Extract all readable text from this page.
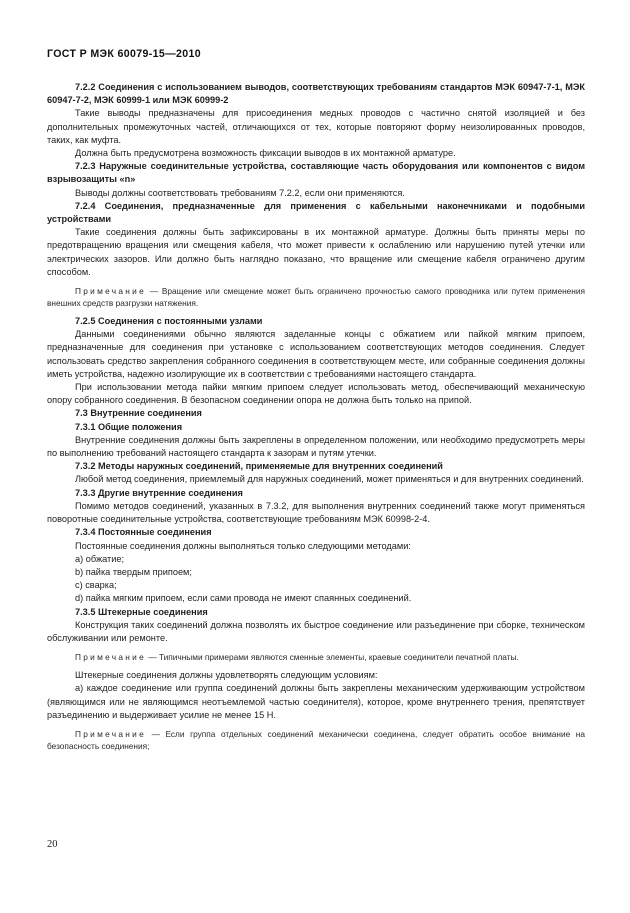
ГОСТ Р МЭК 60079-15—2010

7.2.2 Соединения с использованием выводов, соответствующих требованиям стандартов МЭК 60947-7-1, МЭК 60947-7-2, МЭК 60999-1 или МЭК 60999-2

Такие выводы предназначены для присоединения медных проводов с частично снятой изоляцией и без дополнительных промежуточных частей, отличающихся от тех, которые повторяют форму неизолированных проводов, таких, как муфта.

Должна быть предусмотрена возможность фиксации выводов в их монтажной арматуре.

7.2.3 Наружные соединительные устройства, составляющие часть оборудования или компонентов с видом взрывозащиты «n»

Выводы должны соответствовать требованиям 7.2.2, если они применяются.

7.2.4 Соединения, предназначенные для применения с кабельными наконечниками и подобными устройствами

Такие соединения должны быть зафиксированы в их монтажной арматуре. Должны быть приняты меры по предотвращению вращения или смещения кабеля, что может привести к ослаблению или нарушению путей утечки или электрических зазоров. Или должно быть наглядно показано, что вращение или смещение кабеля ограничено другим способом.

Примечание — Вращение или смещение может быть ограничено прочностью самого проводника или путем применения внешних средств разгрузки натяжения.

7.2.5 Соединения с постоянными узлами

Данными соединениями обычно являются заделанные концы с обжатием или пайкой мягким припоем, предназначенные для соединения при установке с использованием соответствующих методов соединения. Следует использовать средство закрепления собранного соединения в соответствующем месте, или собранные соединения должны иметь устройства, надежно изолирующие их в соответствии с требованиями настоящего стандарта.

При использовании метода пайки мягким припоем следует использовать метод, обеспечивающий механическую опору собранного соединения. В безопасном соединении опора не должна быть только на припой.

7.3 Внутренние соединения

7.3.1 Общие положения

Внутренние соединения должны быть закреплены в определенном положении, или необходимо предусмотреть меры по выполнению требований настоящего стандарта к зазорам и путям утечки.

7.3.2 Методы наружных соединений, применяемые для внутренних соединений

Любой метод соединения, приемлемый для наружных соединений, может применяться и для внутренних соединений.

7.3.3 Другие внутренние соединения

Помимо методов соединений, указанных в 7.3.2, для выполнения внутренних соединений также могут применяться поворотные соединительные устройства, соответствующие требованиям МЭК 60998-2-4.

7.3.4 Постоянные соединения

Постоянные соединения должны выполняться только следующими методами:

a) обжатие;

b) пайка твердым припоем;

c) сварка;

d) пайка мягким припоем, если сами провода не имеют спаянных соединений.

7.3.5 Штекерные соединения

Конструкция таких соединений должна позволять их быстрое соединение или разъединение при сборке, техническом обслуживании или ремонте.

Примечание — Типичными примерами являются сменные элементы, краевые соединители печатной платы.

Штекерные соединения должны удовлетворять следующим условиям:

а) каждое соединение или группа соединений должны быть закреплены механическим удерживающим устройством (являющимся или не являющимся неотъемлемой частью соединителя), которое, кроме внутреннего трения, препятствует разъединению и выдерживает усилие не менее 15 Н.

Примечание — Если группа отдельных соединений механически соединена, следует обратить особое внимание на безопасность соединения;

20
